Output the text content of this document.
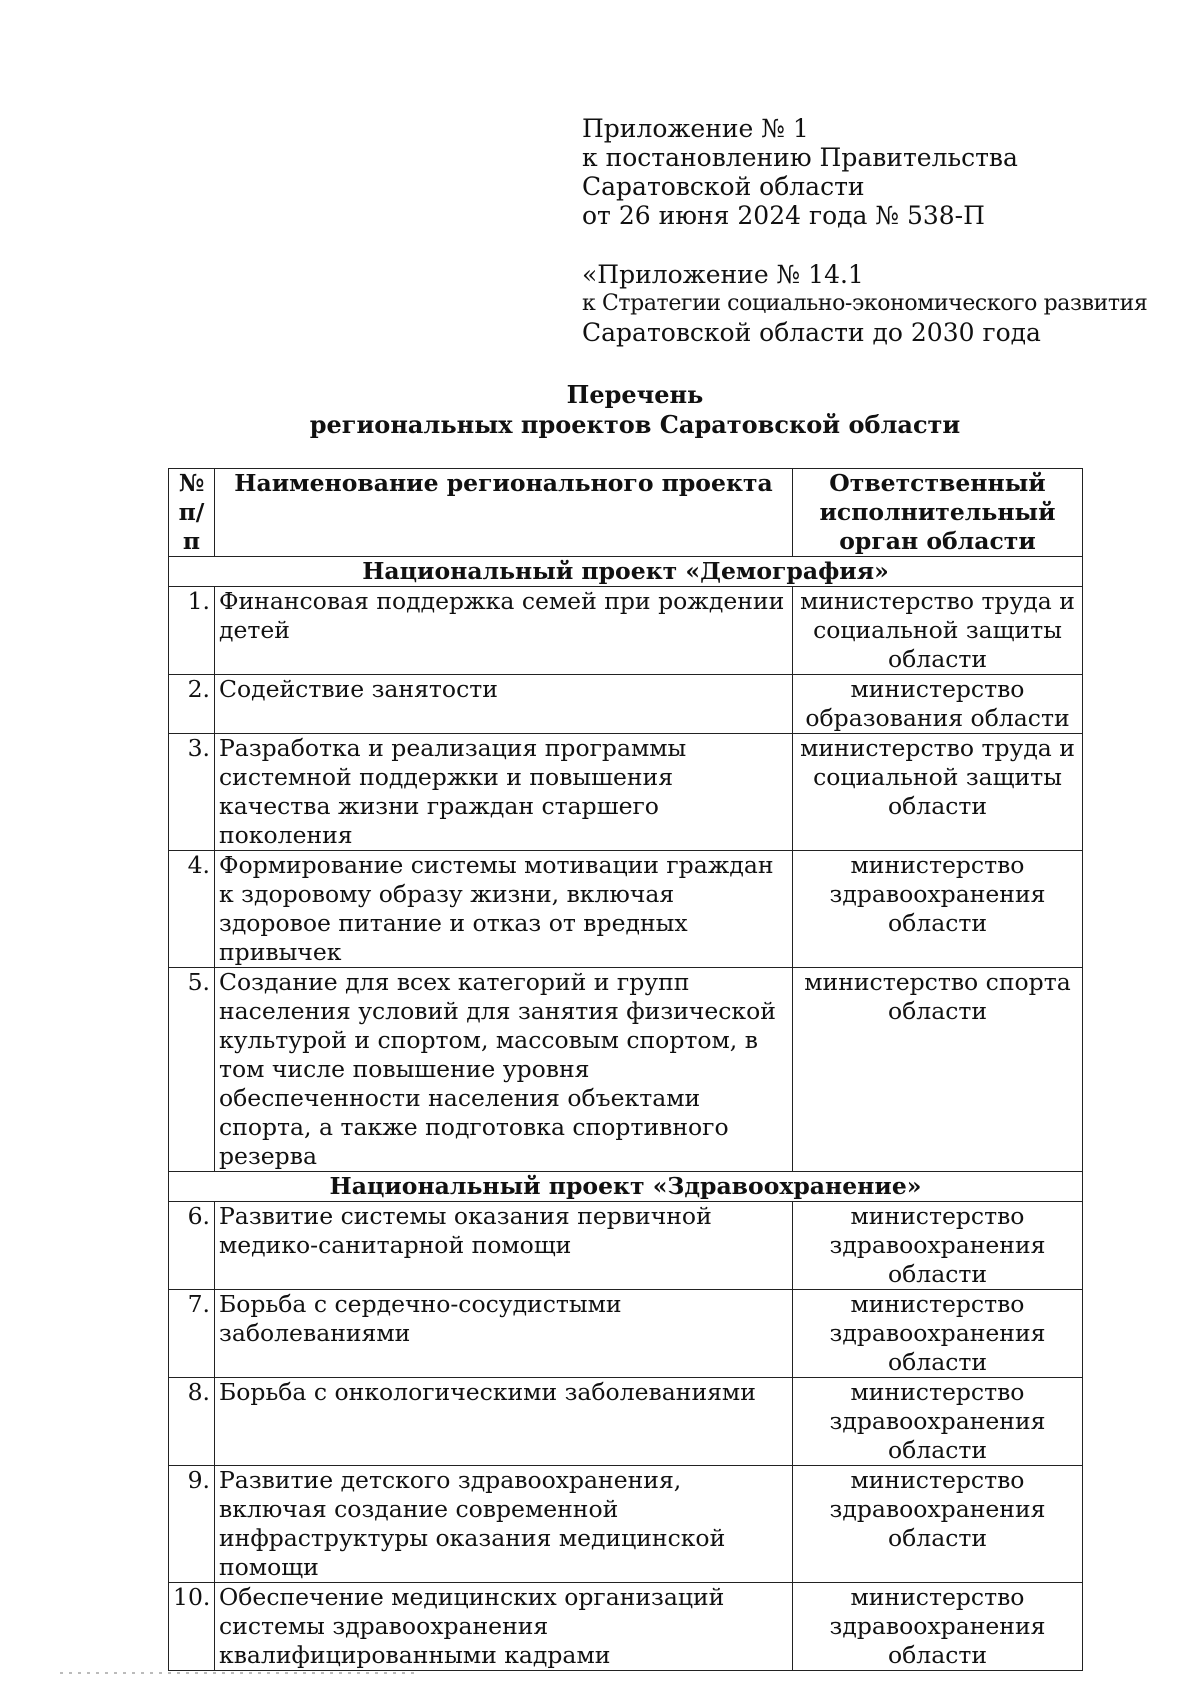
Приложение № 1
к постановлению Правительства
Саратовской области
от 26 июня 2024 года № 538-П
«Приложение № 14.1
к Стратегии социально-экономического развития
Саратовской области до 2030 года
Перечень
региональных проектов Саратовской области
№ п/п	Наименование регионального проекта	Ответственный исполнительный орган области
Национальный проект «Демография»		
1.	Финансовая поддержка семей при рождении детей	министерство труда и социальной защиты области
2.	Содействие занятости	министерство образования области
3.	Разработка и реализация программы системной поддержки и повышения качества жизни граждан старшего поколения	министерство труда и социальной защиты области
4.	Формирование системы мотивации граждан к здоровому образу жизни, включая здоровое питание и отказ от вредных привычек	министерство здравоохранения области
5.	Создание для всех категорий и групп населения условий для занятия физической культурой и спортом, массовым спортом, в том числе повышение уровня обеспеченности населения объектами спорта, а также подготовка спортивного резерва	министерство спорта области
Национальный проект «Здравоохранение»		
6.	Развитие системы оказания первичной медико-санитарной помощи	министерство здравоохранения области
7.	Борьба с сердечно-сосудистыми заболеваниями	министерство здравоохранения области
8.	Борьба с онкологическими заболеваниями	министерство здравоохранения области
9.	Развитие детского здравоохранения, включая создание современной инфраструктуры оказания медицинской помощи	министерство здравоохранения области
10.	Обеспечение медицинских организаций системы здравоохранения квалифицированными кадрами	министерство здравоохранения области
